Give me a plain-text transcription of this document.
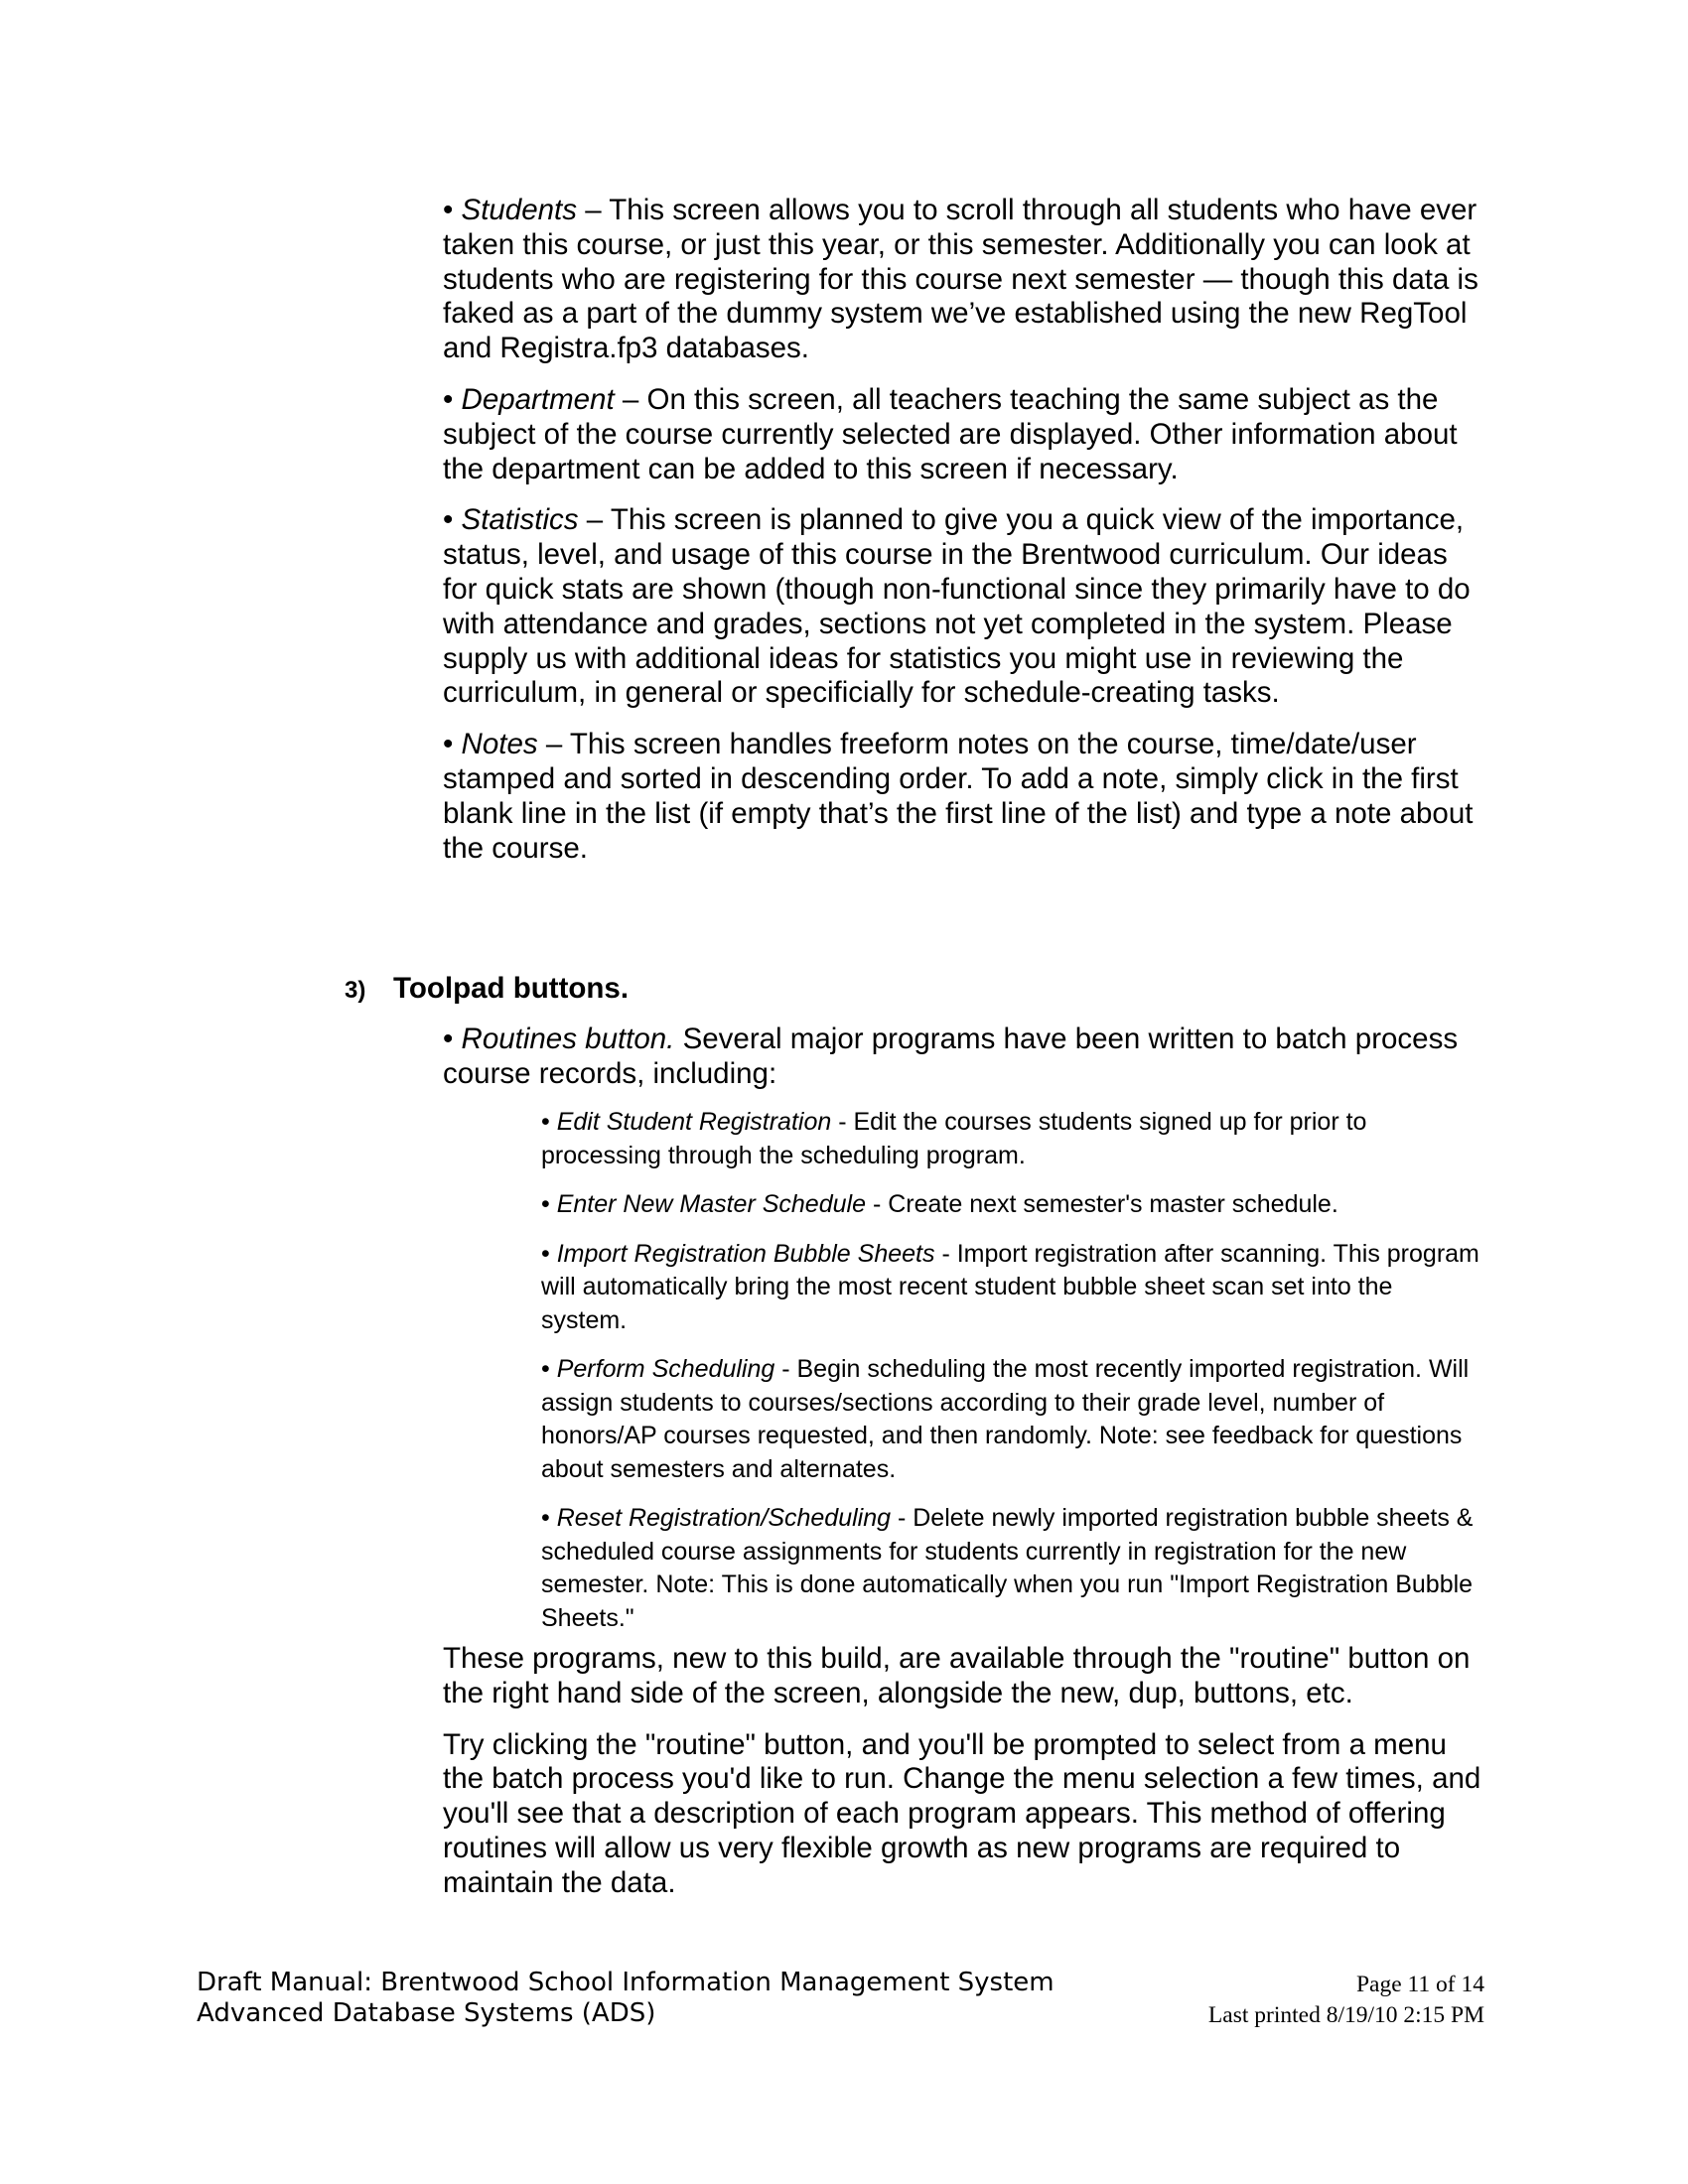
• Students – This screen allows you to scroll through all students who have ever taken this course, or just this year, or this semester. Additionally you can look at students who are registering for this course next semester — though this data is faked as a part of the dummy system we’ve established using the new RegTool and Registra.fp3 databases.

• Department – On this screen, all teachers teaching the same subject as the subject of the course currently selected are displayed. Other information about the department can be added to this screen if necessary.

• Statistics – This screen is planned to give you a quick view of the importance, status, level, and usage of this course in the Brentwood curriculum. Our ideas for quick stats are shown (though non-functional since they primarily have to do with attendance and grades, sections not yet completed in the system. Please supply us with additional ideas for statistics you might use in reviewing the curriculum, in general or specificially for schedule-creating tasks.

• Notes – This screen handles freeform notes on the course, time/date/user stamped and sorted in descending order. To add a note, simply click in the first blank line in the list (if empty that’s the first line of the list) and type a note about the course.

3) Toolpad buttons.

• Routines button. Several major programs have been written to batch process course records, including:

• Edit Student Registration - Edit the courses students signed up for prior to processing through the scheduling program.

• Enter New Master Schedule - Create next semester's master schedule.

• Import Registration Bubble Sheets - Import registration after scanning. This program will automatically bring the most recent student bubble sheet scan set into the system.

• Perform Scheduling - Begin scheduling the most recently imported registration. Will assign students to courses/sections according to their grade level, number of honors/AP courses requested, and then randomly. Note: see feedback for questions about semesters and alternates.

• Reset Registration/Scheduling - Delete newly imported registration bubble sheets & scheduled course assignments for students currently in registration for the new semester. Note: This is done automatically when you run "Import Registration Bubble Sheets."

These programs, new to this build, are available through the "routine" button on the right hand side of the screen, alongside the new, dup, buttons, etc.

Try clicking the "routine" button, and you'll be prompted to select from a menu the batch process you'd like to run. Change the menu selection a few times, and you'll see that a description of each program appears. This method of offering routines will allow us very flexible growth as new programs are required to maintain the data.

Draft Manual: Brentwood School Information Management System
Advanced Database Systems (ADS)
Page 11 of 14
Last printed 8/19/10 2:15 PM
